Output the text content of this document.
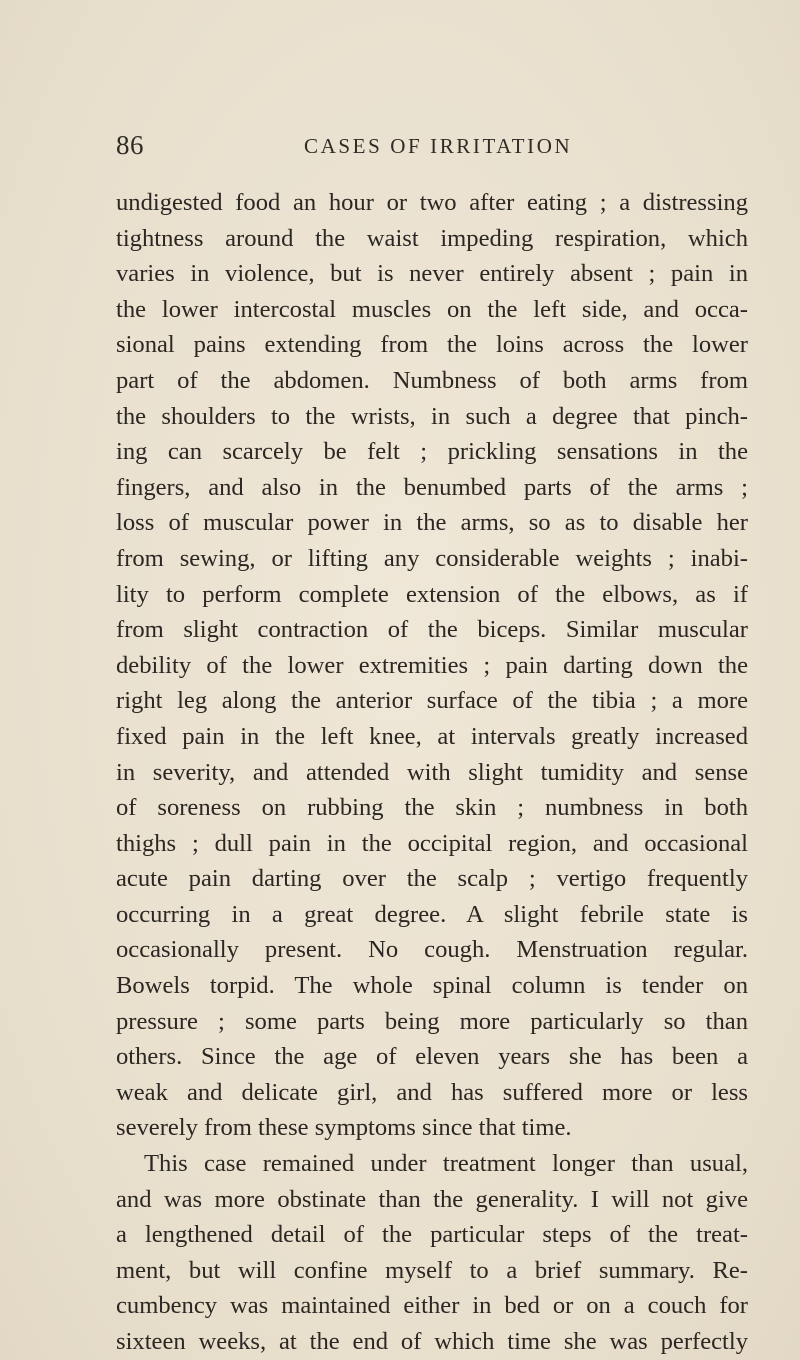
86	CASES OF IRRITATION
undigested food an hour or two after eating ; a distressing
tightness around the waist impeding respiration, which
varies in violence, but is never entirely absent ; pain in
the lower intercostal muscles on the left side, and occa-
sional pains extending from the loins across the lower
part of the abdomen. Numbness of both arms from
the shoulders to the wrists, in such a degree that pinch-
ing can scarcely be felt ; prickling sensations in the
fingers, and also in the benumbed parts of the arms ;
loss of muscular power in the arms, so as to disable her
from sewing, or lifting any considerable weights ; inabi-
lity to perform complete extension of the elbows, as if
from slight contraction of the biceps. Similar muscular
debility of the lower extremities ; pain darting down the
right leg along the anterior surface of the tibia ; a more
fixed pain in the left knee, at intervals greatly increased
in severity, and attended with slight tumidity and sense
of soreness on rubbing the skin ; numbness in both
thighs ; dull pain in the occipital region, and occasional
acute pain darting over the scalp ; vertigo frequently
occurring in a great degree. A slight febrile state is
occasionally present. No cough. Menstruation regular.
Bowels torpid. The whole spinal column is tender on
pressure ; some parts being more particularly so than
others. Since the age of eleven years she has been a
weak and delicate girl, and has suffered more or less
severely from these symptoms since that time.
This case remained under treatment longer than usual,
and was more obstinate than the generality. I will not give
a lengthened detail of the particular steps of the treat-
ment, but will confine myself to a brief summary. Re-
cumbency was maintained either in bed or on a couch for
sixteen weeks, at the end of which time she was perfectly
